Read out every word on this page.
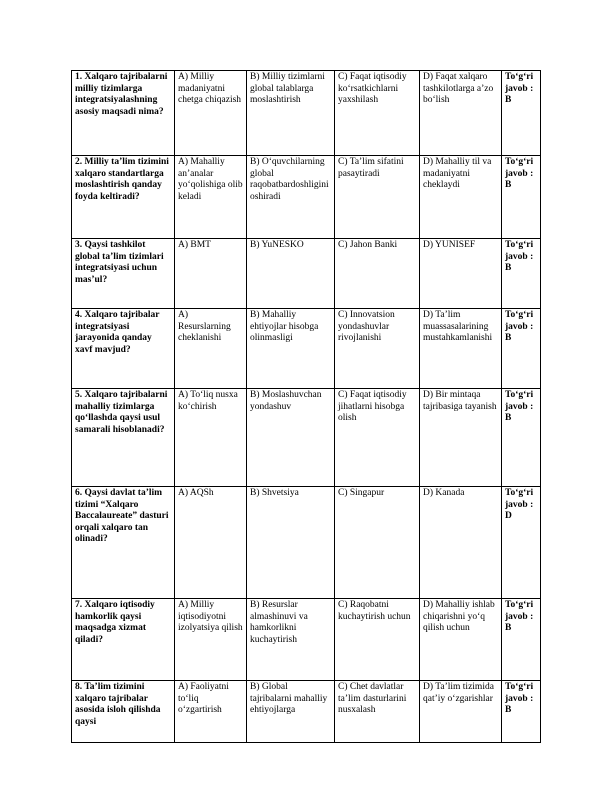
1. Xalqaro tajribalarni milliy tizimlarga integratsiyalashning asosiy maqsadi nima?	A) Milliy madaniyatni chetga chiqazish	B) Milliy tizimlarni global talablarga moslashtirish	C) Faqat iqtisodiy ko‘rsatkichlarni yaxshilash	D) Faqat xalqaro tashkilotlarga a’zo bo‘lish	To‘g‘ri javob : B
2. Milliy ta’lim tizimini xalqaro standartlarga moslashtirish qanday foyda keltiradi?	A) Mahalliy an’analar yo‘qolishiga olib keladi	B) O‘quvchilarning global raqobatbardoshligini oshiradi	C) Ta’lim sifatini pasaytiradi	D) Mahalliy til va madaniyatni cheklaydi	To‘g‘ri javob : B
3. Qaysi tashkilot global ta’lim tizimlari integratsiyasi uchun mas’ul?	A) BMT	B) YuNESKO	C) Jahon Banki	D) YUNISEF	To‘g‘ri javob : B
4. Xalqaro tajribalar integratsiyasi jarayonida qanday xavf mavjud?	A) Resurslarning cheklanishi	B) Mahalliy ehtiyojlar hisobga olinmasligi	C) Innovatsion yondashuvlar rivojlanishi	D) Ta’lim muassasalarining mustahkamlanishi	To‘g‘ri javob : B
5. Xalqaro tajribalarni mahalliy tizimlarga qo‘llashda qaysi usul samarali hisoblanadi?	A) To‘liq nusxa ko‘chirish	B) Moslashuvchan yondashuv	C) Faqat iqtisodiy jihatlarni hisobga olish	D) Bir mintaqa tajribasiga tayanish	To‘g‘ri javob : B
6. Qaysi davlat ta’lim tizimi “Xalqaro Baccalaureate” dasturi orqali xalqaro tan olinadi?	A) AQSh	B) Shvetsiya	C) Singapur	D) Kanada	To‘g‘ri javob : D
7. Xalqaro iqtisodiy hamkorlik qaysi maqsadga xizmat qiladi?	A) Milliy iqtisodiyotni izolyatsiya qilish	B) Resurslar almashinuvi va hamkorlikni kuchaytirish	C) Raqobatni kuchaytirish uchun	D) Mahalliy ishlab chiqarishni yo‘q qilish uchun	To‘g‘ri javob : B
8. Ta’lim tizimini xalqaro tajribalar asosida isloh qilishda qaysi	A) Faoliyatni to‘liq o‘zgartirish	B) Global tajribalarni mahalliy ehtiyojlarga	C) Chet davlatlar ta’lim dasturlarini nusxalash	D) Ta’lim tizimida qat’iy o‘zgarishlar	To‘g‘ri javob : B
